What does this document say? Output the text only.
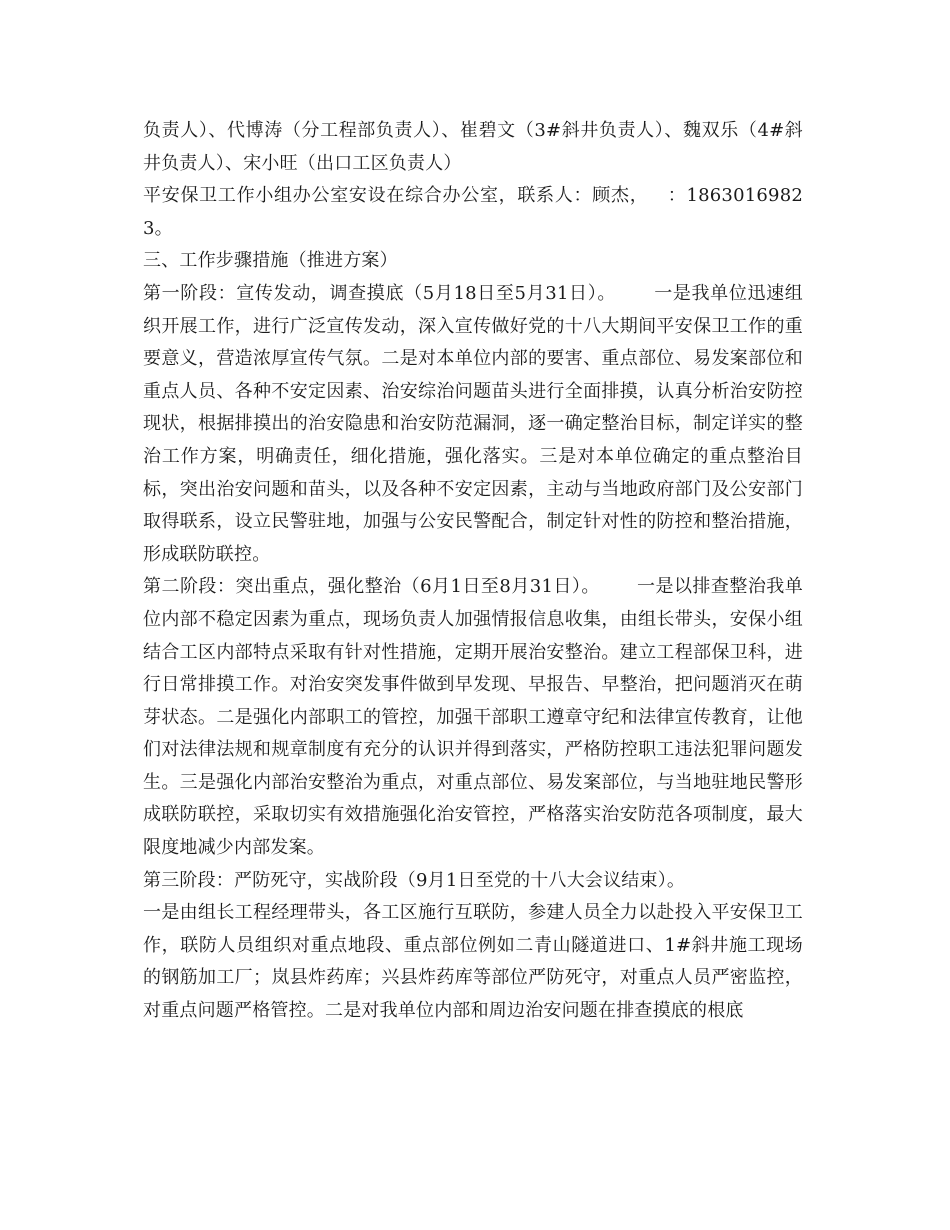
负责人）、代博涛（分工程部负责人）、崔碧文（3#斜井负责人）、魏双乐（4#斜井负责人）、宋小旺（出口工区负责人）

平安保卫工作小组办公室安设在综合办公室，联系人：顾杰，   ：18630169823。

三、工作步骤措施（推进方案）

第一阶段：宣传发动，调查摸底（5月18日至5月31日）。      一是我单位迅速组织开展工作，进行广泛宣传发动，深入宣传做好党的十八大期间平安保卫工作的重要意义，营造浓厚宣传气氛。二是对本单位内部的要害、重点部位、易发案部位和重点人员、各种不安定因素、治安综治问题苗头进行全面排摸，认真分析治安防控现状，根据排摸出的治安隐患和治安防范漏洞，逐一确定整治目标，制定详实的整治工作方案，明确责任，细化措施，强化落实。三是对本单位确定的重点整治目标，突出治安问题和苗头，以及各种不安定因素，主动与当地政府部门及公安部门取得联系，设立民警驻地，加强与公安民警配合，制定针对性的防控和整治措施，形成联防联控。

第二阶段：突出重点，强化整治（6月1日至8月31日）。      一是以排查整治我单位内部不稳定因素为重点，现场负责人加强情报信息收集，由组长带头，安保小组结合工区内部特点采取有针对性措施，定期开展治安整治。建立工程部保卫科，进行日常排摸工作。对治安突发事件做到早发现、早报告、早整治，把问题消灭在萌芽状态。二是强化内部职工的管控，加强干部职工遵章守纪和法律宣传教育，让他们对法律法规和规章制度有充分的认识并得到落实，严格防控职工违法犯罪问题发生。三是强化内部治安整治为重点，对重点部位、易发案部位，与当地驻地民警形成联防联控，采取切实有效措施强化治安管控，严格落实治安防范各项制度，最大限度地减少内部发案。

第三阶段：严防死守，实战阶段（9月1日至党的十八大会议结束）。

一是由组长工程经理带头，各工区施行互联防，参建人员全力以赴投入平安保卫工作，联防人员组织对重点地段、重点部位例如二青山隧道进口、1#斜井施工现场的钢筋加工厂；岚县炸药库；兴县炸药库等部位严防死守，对重点人员严密监控，对重点问题严格管控。二是对我单位内部和周边治安问题在排查摸底的根底
